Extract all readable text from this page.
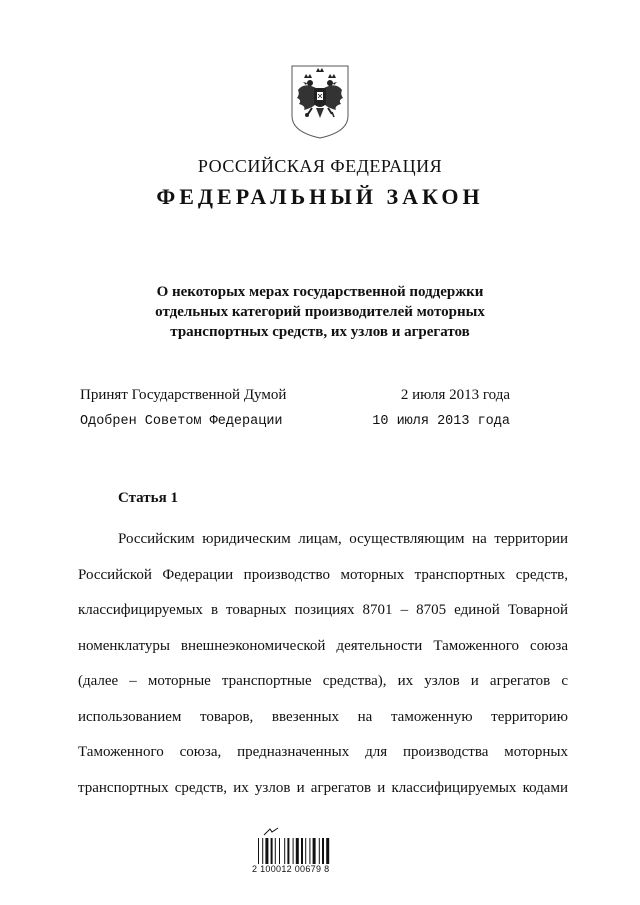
РОССИЙСКАЯ ФЕДЕРАЦИЯ
ФЕДЕРАЛЬНЫЙ ЗАКОН
О некоторых мерах государственной поддержки
отдельных категорий производителей моторных
транспортных средств, их узлов и агрегатов
Принят Государственной Думой	2 июля 2013 года
Одобрен Советом Федерации	10 июля 2013 года
Статья 1
Российским юридическим лицам, осуществляющим на территории
Российской Федерации производство моторных транспортных средств,
классифицируемых в товарных позициях 8701 – 8705 единой Товарной
номенклатуры внешнеэкономической деятельности Таможенного союза
(далее – моторные транспортные средства), их узлов и агрегатов с
использованием товаров, ввезенных на таможенную территорию
Таможенного союза, предназначенных для производства моторных
транспортных средств, их узлов и агрегатов и классифицируемых кодами
2 100012 00679 8
